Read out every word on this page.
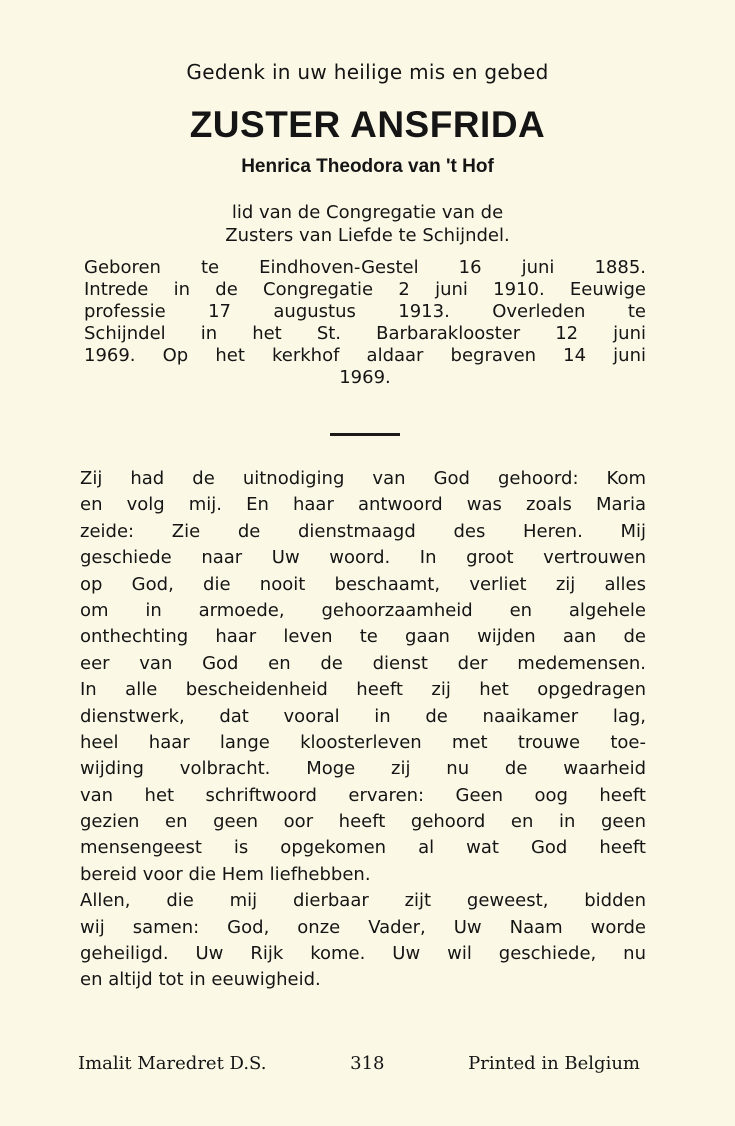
Gedenk in uw heilige mis en gebed
ZUSTER ANSFRIDA
Henrica Theodora van 't Hof
lid van de Congregatie van de
Zusters van Liefde te Schijndel.
Geboren te Eindhoven-Gestel 16 juni 1885.
Intrede in de Congregatie 2 juni 1910. Eeuwige
professie 17 augustus 1913. Overleden te
Schijndel in het St. Barbaraklooster 12 juni
1969. Op het kerkhof aldaar begraven 14 juni
1969.
Zij had de uitnodiging van God gehoord: Kom
en volg mij. En haar antwoord was zoals Maria
zeide: Zie de dienstmaagd des Heren. Mij
geschiede naar Uw woord. In groot vertrouwen
op God, die nooit beschaamt, verliet zij alles
om in armoede, gehoorzaamheid en algehele
onthechting haar leven te gaan wijden aan de
eer van God en de dienst der medemensen.
In alle bescheidenheid heeft zij het opgedragen
dienstwerk, dat vooral in de naaikamer lag,
heel haar lange kloosterleven met trouwe toe-
wijding volbracht. Moge zij nu de waarheid
van het schriftwoord ervaren: Geen oog heeft
gezien en geen oor heeft gehoord en in geen
mensengeest is opgekomen al wat God heeft
bereid voor die Hem liefhebben.
Allen, die mij dierbaar zijt geweest, bidden
wij samen: God, onze Vader, Uw Naam worde
geheiligd. Uw Rijk kome. Uw wil geschiede, nu
en altijd tot in eeuwigheid.
Imalit Maredret D.S.	318	Printed in Belgium
